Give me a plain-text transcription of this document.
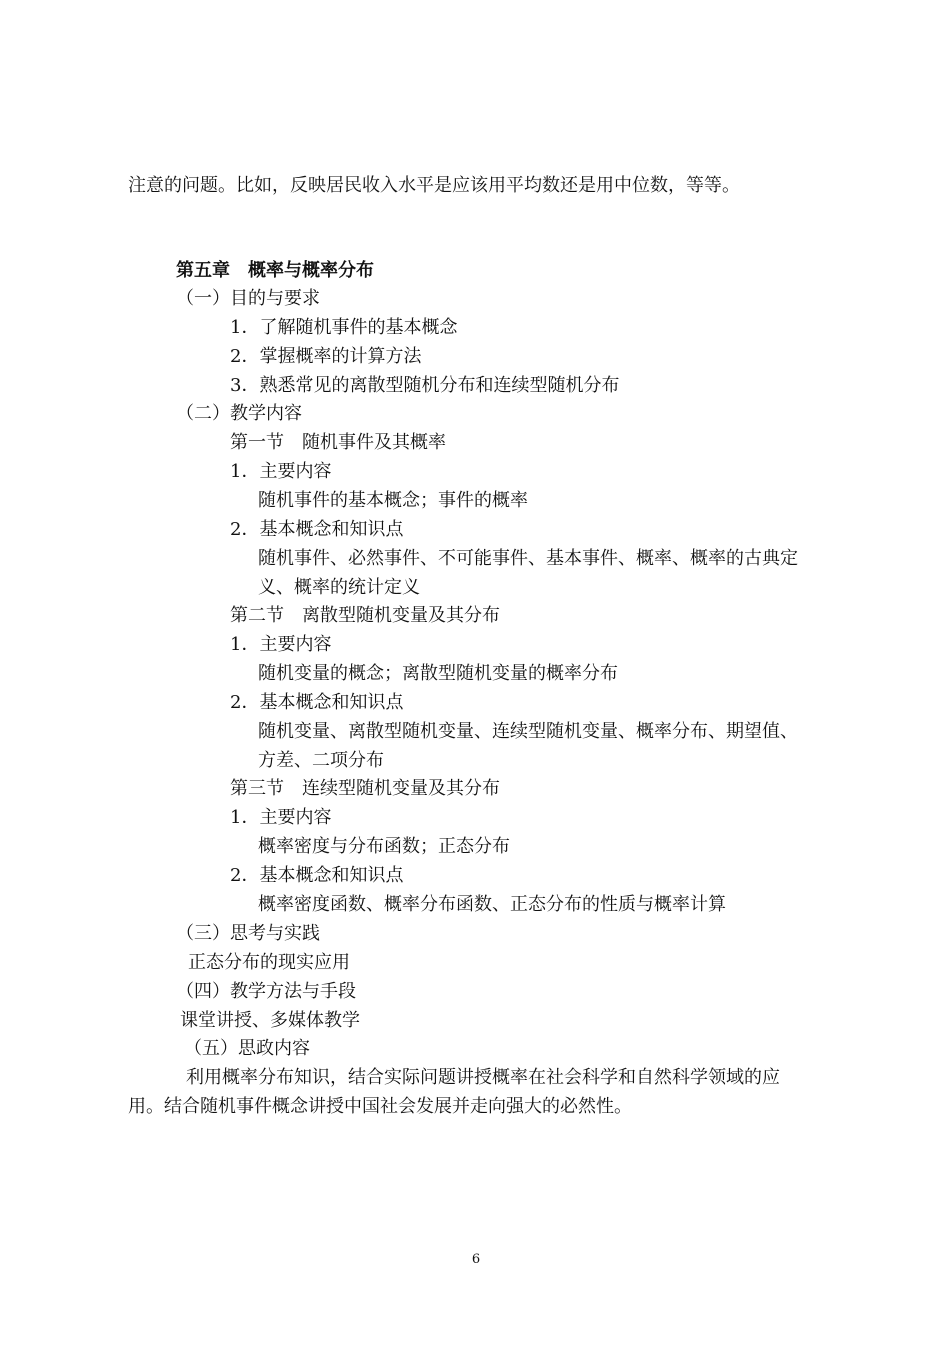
注意的问题。比如，反映居民收入水平是应该用平均数还是用中位数，等等。
第五章　概率与概率分布
（一）目的与要求
1．了解随机事件的基本概念
2．掌握概率的计算方法
3．熟悉常见的离散型随机分布和连续型随机分布
（二）教学内容
第一节　随机事件及其概率
1．主要内容
随机事件的基本概念；事件的概率
2．基本概念和知识点
随机事件、必然事件、不可能事件、基本事件、概率、概率的古典定
义、概率的统计定义
第二节　离散型随机变量及其分布
1．主要内容
随机变量的概念；离散型随机变量的概率分布
2．基本概念和知识点
随机变量、离散型随机变量、连续型随机变量、概率分布、期望值、
方差、二项分布
第三节　连续型随机变量及其分布
1．主要内容
概率密度与分布函数；正态分布
2．基本概念和知识点
概率密度函数、概率分布函数、正态分布的性质与概率计算
（三）思考与实践
正态分布的现实应用
（四）教学方法与手段
课堂讲授、多媒体教学
（五）思政内容
利用概率分布知识，结合实际问题讲授概率在社会科学和自然科学领域的应
用。结合随机事件概念讲授中国社会发展并走向强大的必然性。
6
